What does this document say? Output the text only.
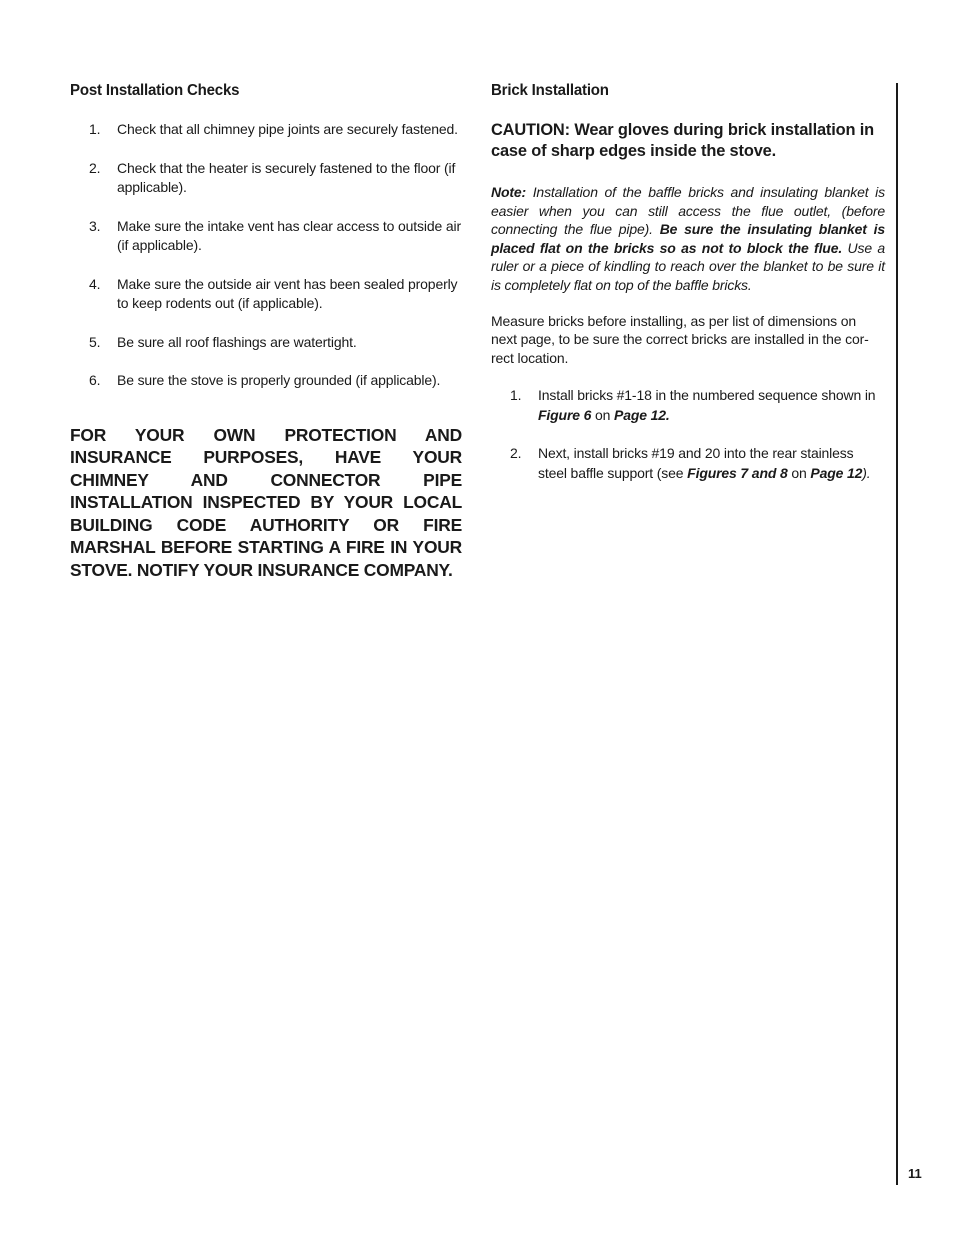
Post Installation Checks
1. Check that all chimney pipe joints are securely fastened.
2. Check that the heater is securely fastened to the floor (if applicable).
3. Make sure the intake vent has clear access to outside air (if applicable).
4. Make sure the outside air vent has been sealed properly to keep rodents out (if applicable).
5. Be sure all roof flashings are watertight.
6. Be sure the stove is properly grounded (if applicable).
FOR YOUR OWN PROTECTION AND INSURANCE PURPOSES, HAVE YOUR CHIMNEY AND CONNECTOR PIPE INSTALLATION INSPECTED BY YOUR LOCAL BUILDING CODE AUTHORITY OR FIRE MARSHAL BEFORE STARTING A FIRE IN YOUR STOVE. NOTIFY YOUR INSURANCE COMPANY.
Brick Installation
CAUTION: Wear gloves during brick installation in case of sharp edges inside the stove.

Note: Installation of the baffle bricks and insulating blanket is easier when you can still access the flue outlet, (before connecting the flue pipe). Be sure the insulating blanket is placed flat on the bricks so as not to block the flue. Use a ruler or a piece of kindling to reach over the blanket to be sure it is completely flat on top of the baffle bricks.

Measure bricks before installing, as per list of dimensions on next page, to be sure the correct bricks are installed in the cor-rect location.

1. Install bricks #1-18 in the numbered sequence shown in Figure 6 on Page 12.
2. Next, install bricks #19 and 20 into the rear stainless steel baffle support (see Figures 7 and 8 on Page 12).
11
